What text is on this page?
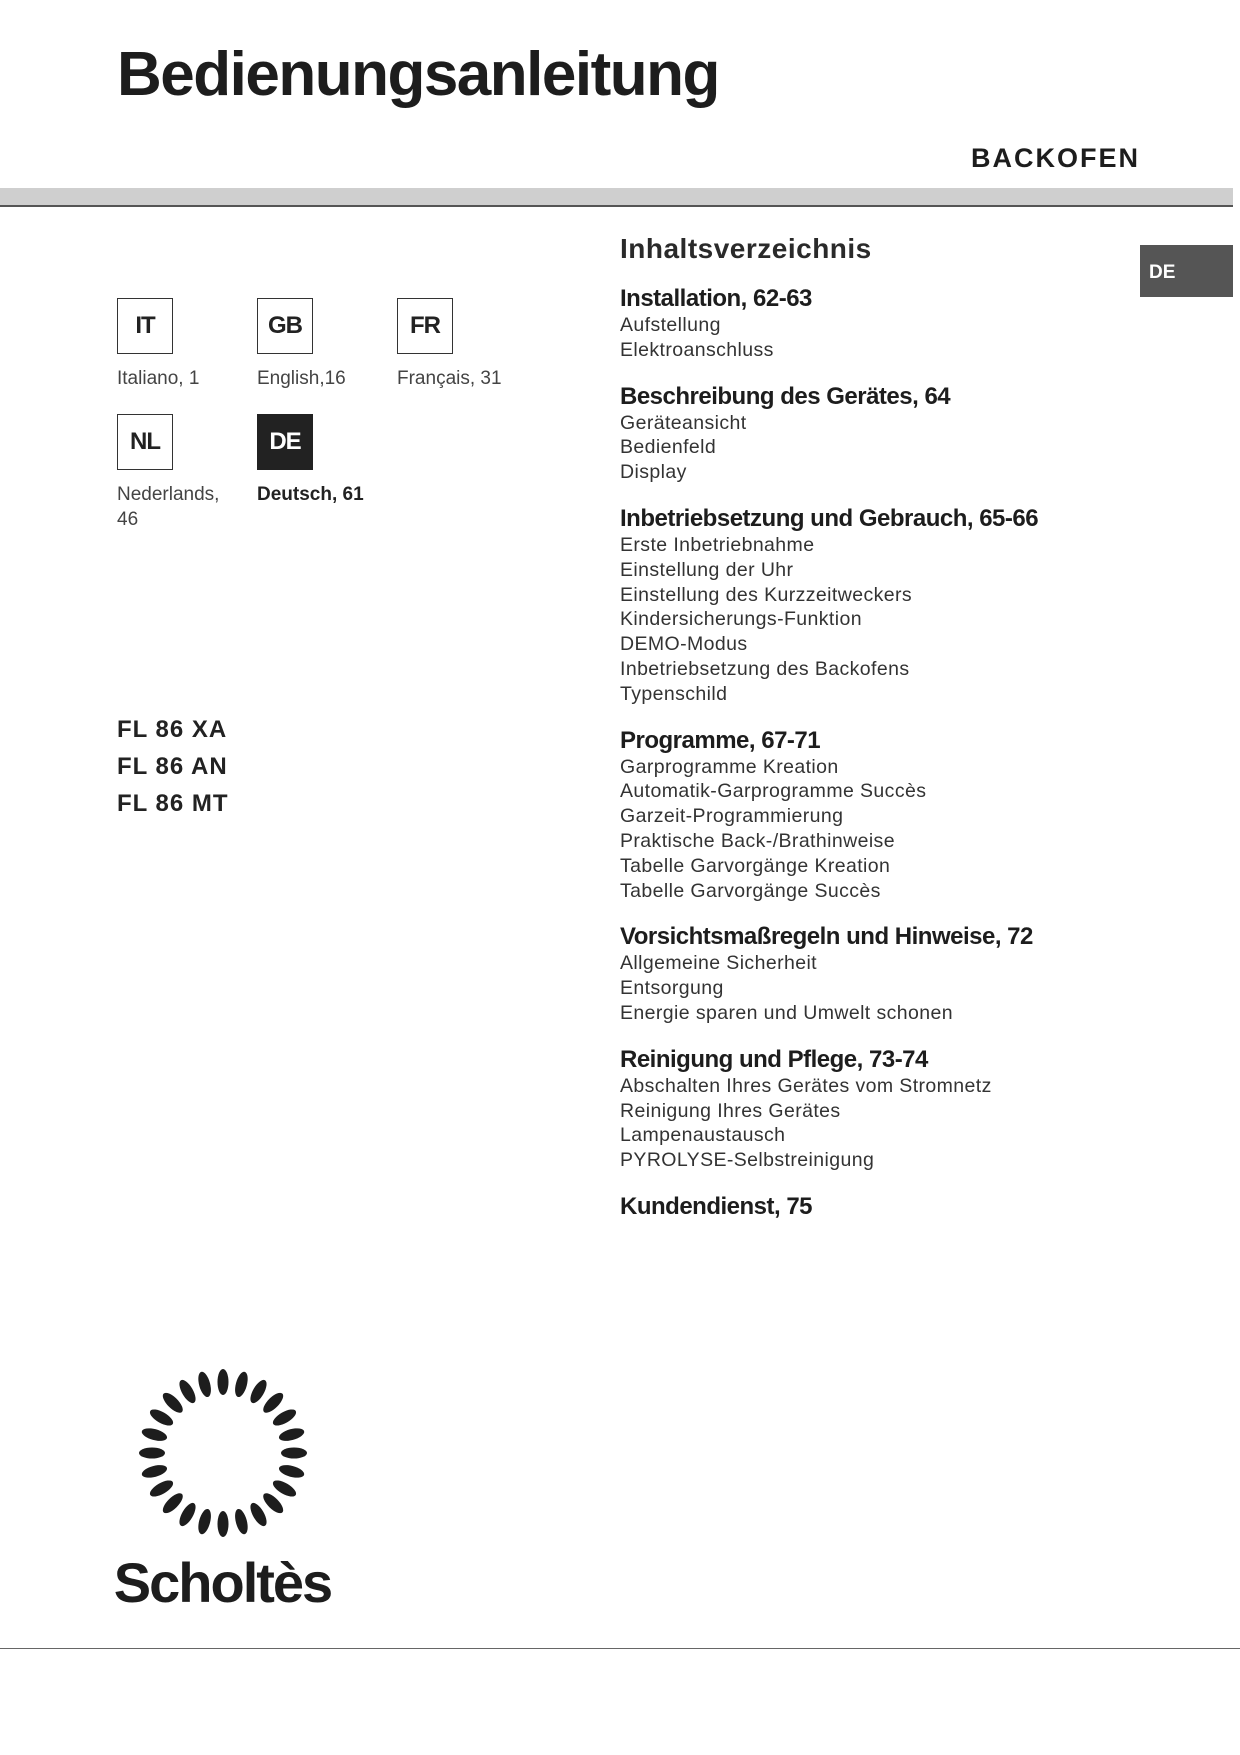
Bedienungsanleitung
BACKOFEN
DE
IT
Italiano, 1
GB
English,16
FR
Français, 31
NL
Nederlands, 46
DE
Deutsch, 61
FL 86 XA
FL 86 AN
FL 86 MT
Inhaltsverzeichnis
Installation, 62-63
Aufstellung
Elektroanschluss
Beschreibung des Gerätes, 64
Geräteansicht
Bedienfeld
Display
Inbetriebsetzung und Gebrauch, 65-66
Erste Inbetriebnahme
Einstellung der Uhr
Einstellung des Kurzzeitweckers
Kindersicherungs-Funktion
DEMO-Modus
Inbetriebsetzung des Backofens
Typenschild
Programme, 67-71
Garprogramme Kreation
Automatik-Garprogramme Succès
Garzeit-Programmierung
Praktische Back-/Brathinweise
Tabelle Garvorgänge Kreation
Tabelle Garvorgänge Succès
Vorsichtsmaßregeln und Hinweise, 72
Allgemeine Sicherheit
Entsorgung
Energie sparen und Umwelt schonen
Reinigung und Pflege, 73-74
Abschalten Ihres Gerätes vom Stromnetz
Reinigung Ihres Gerätes
Lampenaustausch
PYROLYSE-Selbstreinigung
Kundendienst, 75
Scholtès
